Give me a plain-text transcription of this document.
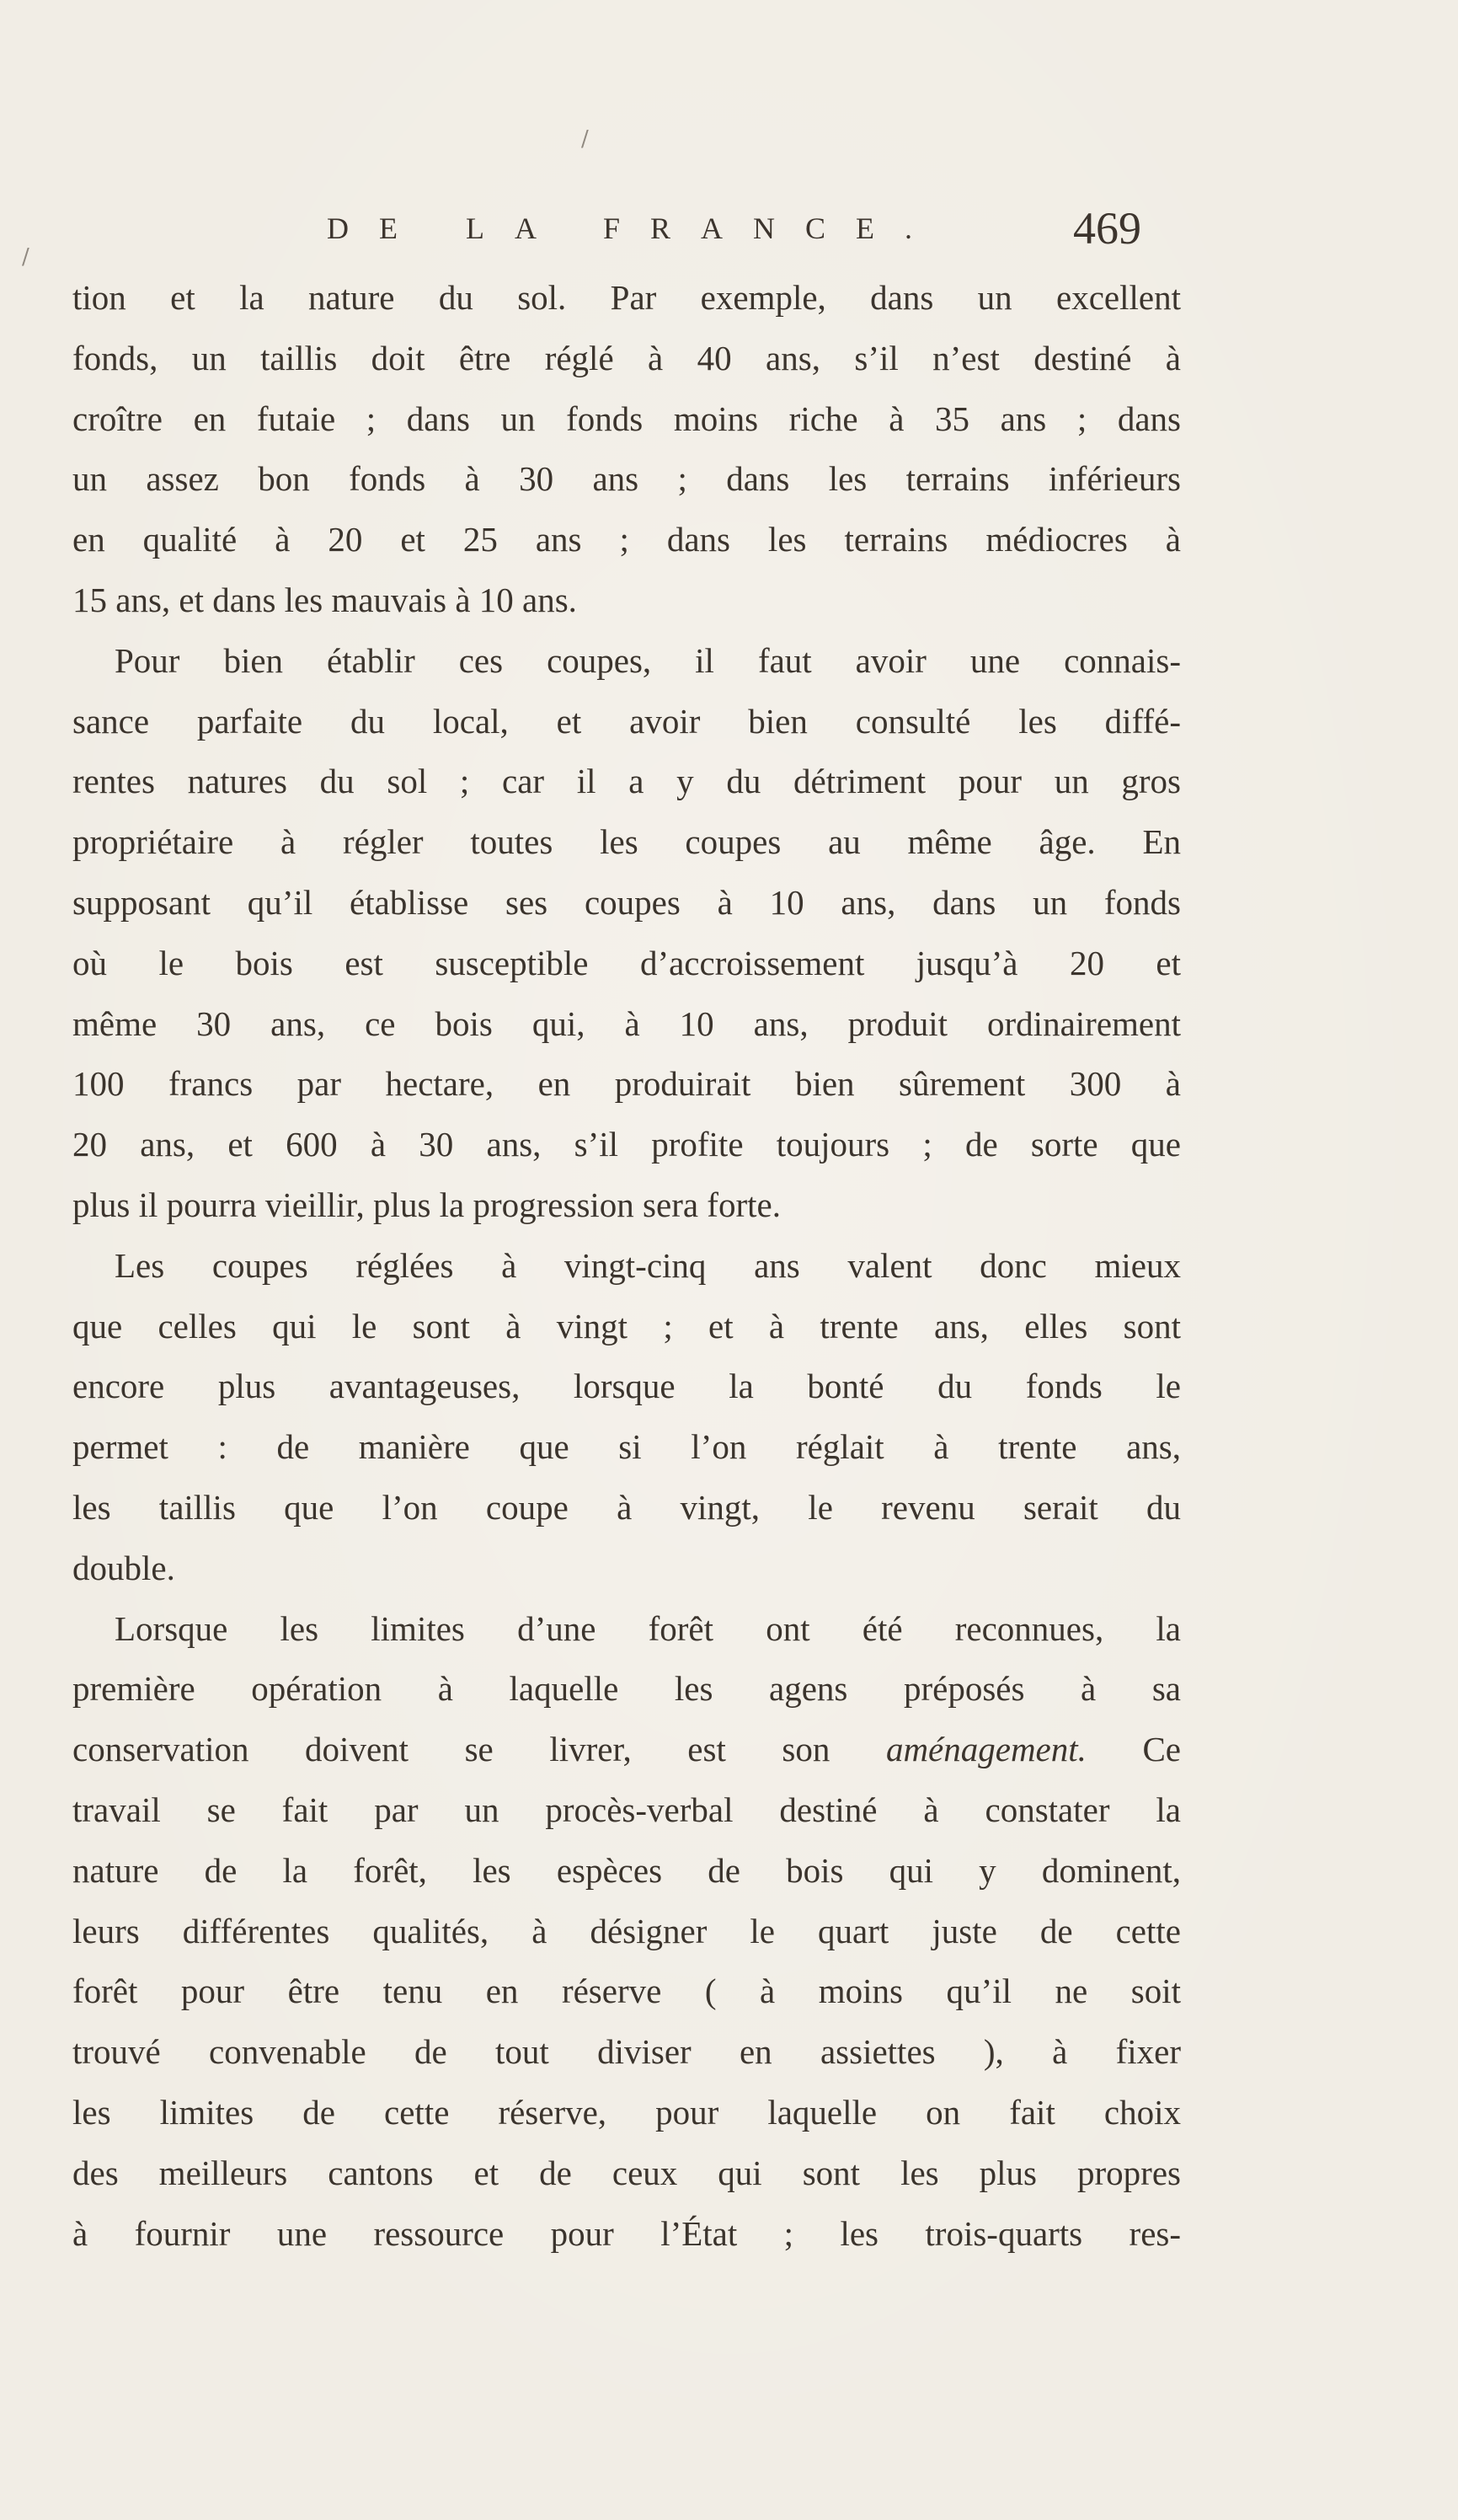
/
/
DE LA FRANCE.	469
tion et la nature du sol. Par exemple, dans un excellent
fonds, un taillis doit être réglé à 40 ans, s’il n’est destiné à
croître en futaie ; dans un fonds moins riche à 35 ans ; dans
un assez bon fonds à 30 ans ; dans les terrains inférieurs
en qualité à 20 et 25 ans ; dans les terrains médiocres à
15 ans, et dans les mauvais à 10 ans.
Pour bien établir ces coupes, il faut avoir une connais-
sance parfaite du local, et avoir bien consulté les diffé-
rentes natures du sol ; car il a y du détriment pour un gros
propriétaire à régler toutes les coupes au même âge. En
supposant qu’il établisse ses coupes à 10 ans, dans un fonds
où le bois est susceptible d’accroissement jusqu’à 20 et
même 30 ans, ce bois qui, à 10 ans, produit ordinairement
100 francs par hectare, en produirait bien sûrement 300 à
20 ans, et 600 à 30 ans, s’il profite toujours ; de sorte que
plus il pourra vieillir, plus la progression sera forte.
Les coupes réglées à vingt-cinq ans valent donc mieux
que celles qui le sont à vingt ; et à trente ans, elles sont
encore plus avantageuses, lorsque la bonté du fonds le
permet : de manière que si l’on réglait à trente ans,
les taillis que l’on coupe à vingt, le revenu serait du
double.
Lorsque les limites d’une forêt ont été reconnues, la
première opération à laquelle les agens préposés à sa
conservation doivent se livrer, est son aménagement. Ce
travail se fait par un procès-verbal destiné à constater la
nature de la forêt, les espèces de bois qui y dominent,
leurs différentes qualités, à désigner le quart juste de cette
forêt pour être tenu en réserve ( à moins qu’il ne soit
trouvé convenable de tout diviser en assiettes ), à fixer
les limites de cette réserve, pour laquelle on fait choix
des meilleurs cantons et de ceux qui sont les plus propres
à fournir une ressource pour l’État ; les trois-quarts res-
